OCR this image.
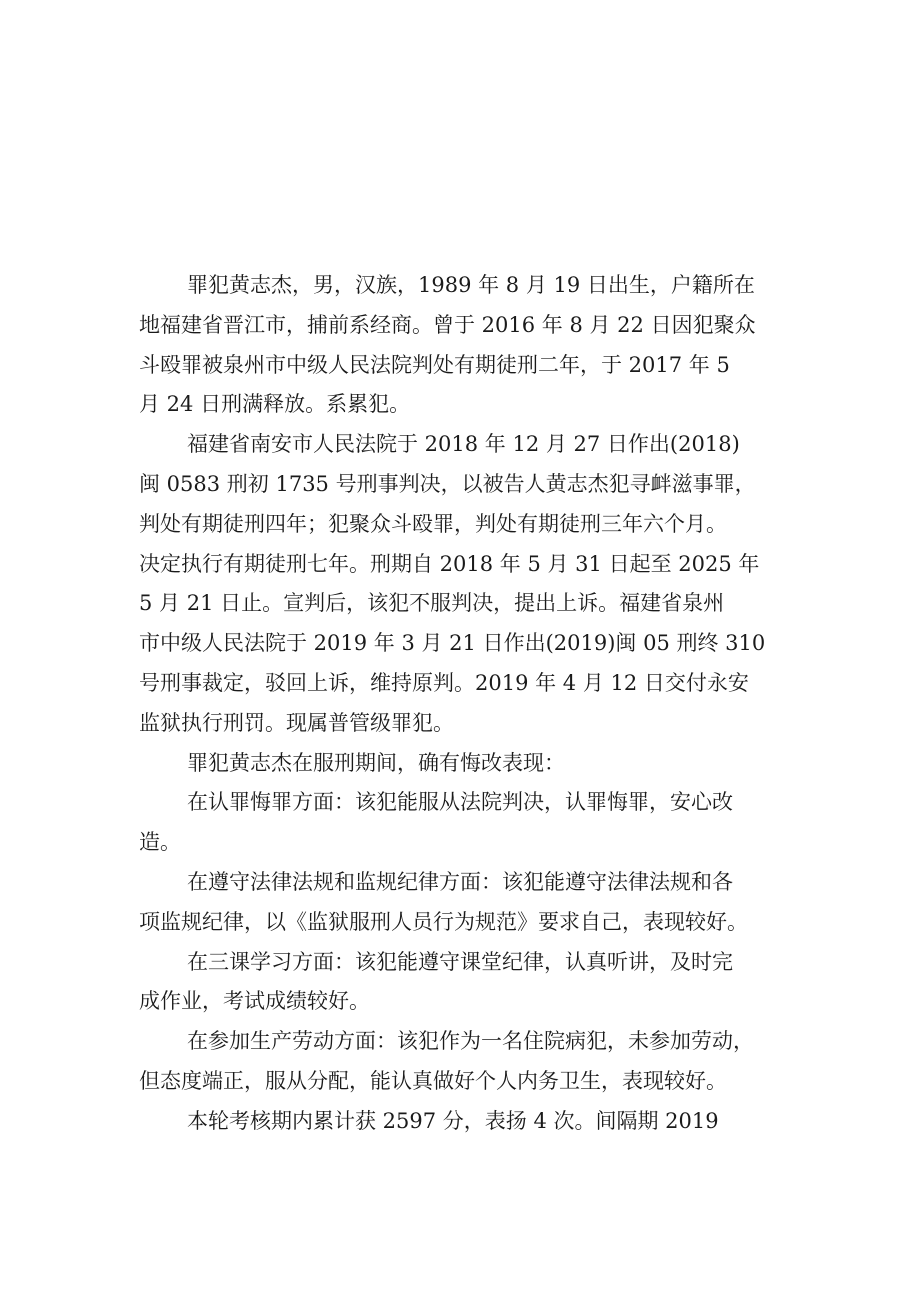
罪犯黄志杰，男，汉族，1989 年 8 月 19 日出生，户籍所在
地福建省晋江市，捕前系经商。曾于 2016 年 8 月 22 日因犯聚众
斗殴罪被泉州市中级人民法院判处有期徒刑二年，于 2017 年 5
月 24 日刑满释放。系累犯。
福建省南安市人民法院于 2018 年 12 月 27 日作出(2018)
闽 0583 刑初 1735 号刑事判决，以被告人黄志杰犯寻衅滋事罪，
判处有期徒刑四年；犯聚众斗殴罪，判处有期徒刑三年六个月。
决定执行有期徒刑七年。刑期自 2018 年 5 月 31 日起至 2025 年
5 月 21 日止。宣判后，该犯不服判决，提出上诉。福建省泉州
市中级人民法院于 2019 年 3 月 21 日作出(2019)闽 05 刑终 310
号刑事裁定，驳回上诉，维持原判。2019 年 4 月 12 日交付永安
监狱执行刑罚。现属普管级罪犯。
罪犯黄志杰在服刑期间，确有悔改表现：
在认罪悔罪方面：该犯能服从法院判决，认罪悔罪，安心改
造。
在遵守法律法规和监规纪律方面：该犯能遵守法律法规和各
项监规纪律，以《监狱服刑人员行为规范》要求自己，表现较好。
在三课学习方面：该犯能遵守课堂纪律，认真听讲，及时完
成作业，考试成绩较好。
在参加生产劳动方面：该犯作为一名住院病犯，未参加劳动，
但态度端正，服从分配，能认真做好个人内务卫生，表现较好。
本轮考核期内累计获 2597 分，表扬 4 次。间隔期 2019
